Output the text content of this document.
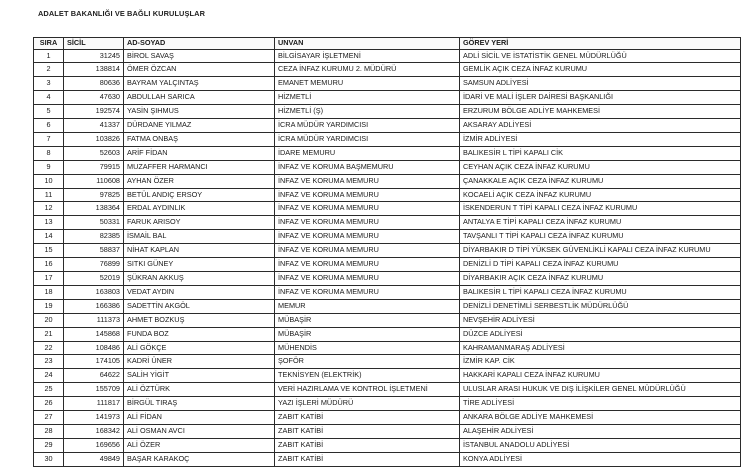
ADALET BAKANLIĞI VE BAĞLI KURULUŞLAR
SIRA	SİCİL	AD-SOYAD	UNVAN	GÖREV YERİ
1	31245	BİROL SAVAŞ	BİLGİSAYAR İŞLETMENİ	ADLİ SİCİL VE İSTATİSTİK GENEL MÜDÜRLÜĞÜ
2	138814	ÖMER ÖZCAN	CEZA İNFAZ KURUMU 2. MÜDÜRÜ	GEMLİK AÇIK CEZA İNFAZ KURUMU
3	80636	BAYRAM YALÇINTAŞ	EMANET MEMURU	SAMSUN ADLİYESİ
4	47630	ABDULLAH SARICA	HİZMETLİ	İDARİ VE MALİ İŞLER DAİRESİ BAŞKANLIĞI
5	192574	YASİN ŞIHMUS	HİZMETLİ (Ş)	ERZURUM BÖLGE ADLİYE MAHKEMESİ
6	41337	DÜRDANE YILMAZ	İCRA MÜDÜR YARDIMCISI	AKSARAY ADLİYESİ
7	103826	FATMA ONBAŞ	İCRA MÜDÜR YARDIMCISI	İZMİR ADLİYESİ
8	52603	ARİF FİDAN	İDARE MEMURU	BALIKESİR L TİPİ KAPALI CİK
9	79915	MUZAFFER HARMANCI	İNFAZ VE KORUMA BAŞMEMURU	CEYHAN AÇIK CEZA İNFAZ KURUMU
10	110608	AYHAN ÖZER	İNFAZ VE KORUMA MEMURU	ÇANAKKALE AÇIK CEZA İNFAZ KURUMU
11	97825	BETÜL ANDIÇ ERSOY	İNFAZ VE KORUMA MEMURU	KOCAELİ AÇIK CEZA İNFAZ KURUMU
12	138364	ERDAL AYDINLIK	İNFAZ VE KORUMA MEMURU	İSKENDERUN T TİPİ KAPALI CEZA İNFAZ KURUMU
13	50331	FARUK ARISOY	İNFAZ VE KORUMA MEMURU	ANTALYA E TİPİ KAPALI CEZA İNFAZ KURUMU
14	82385	İSMAİL BAL	İNFAZ VE KORUMA MEMURU	TAVŞANLI T TİPİ KAPALI CEZA İNFAZ KURUMU
15	58837	NİHAT KAPLAN	İNFAZ VE KORUMA MEMURU	DİYARBAKIR D TİPİ YÜKSEK GÜVENLİKLİ KAPALI CEZA İNFAZ KURUMU
16	76899	SITKI GÜNEY	İNFAZ VE KORUMA MEMURU	DENİZLİ D TİPİ KAPALI CEZA İNFAZ KURUMU
17	52019	ŞÜKRAN AKKUŞ	İNFAZ VE KORUMA MEMURU	DİYARBAKIR AÇIK CEZA İNFAZ KURUMU
18	163803	VEDAT AYDIN	İNFAZ VE KORUMA MEMURU	BALIKESİR L TİPİ KAPALI CEZA İNFAZ KURUMU
19	166386	SADETTİN AKGÖL	MEMUR	DENİZLİ DENETİMLİ SERBESTLİK MÜDÜRLÜĞÜ
20	111373	AHMET BOZKUŞ	MÜBAŞİR	NEVŞEHİR ADLİYESİ
21	145868	FUNDA BOZ	MÜBAŞİR	DÜZCE ADLİYESİ
22	108486	ALİ GÖKÇE	MÜHENDİS	KAHRAMANMARAŞ ADLİYESİ
23	174105	KADRİ ÜNER	ŞOFÖR	İZMİR KAP. CİK
24	64622	SALİH YİGİT	TEKNİSYEN (ELEKTRİK)	HAKKARİ KAPALI CEZA İNFAZ KURUMU
25	155709	ALİ ÖZTÜRK	VERİ HAZIRLAMA VE KONTROL İŞLETMENİ	ULUSLAR ARASI HUKUK VE DIŞ İLİŞKİLER GENEL MÜDÜRLÜĞÜ
26	111817	BİRGÜL TIRAŞ	YAZI İŞLERİ MÜDÜRÜ	TİRE ADLİYESİ
27	141973	ALİ FİDAN	ZABIT KATİBİ	ANKARA BÖLGE ADLİYE MAHKEMESİ
28	168342	ALİ OSMAN AVCI	ZABIT KATİBİ	ALAŞEHİR ADLİYESİ
29	169656	ALİ ÖZER	ZABIT KATİBİ	İSTANBUL ANADOLU ADLİYESİ
30	49849	BAŞAR KARAKOÇ	ZABIT KATİBİ	KONYA ADLİYESİ
